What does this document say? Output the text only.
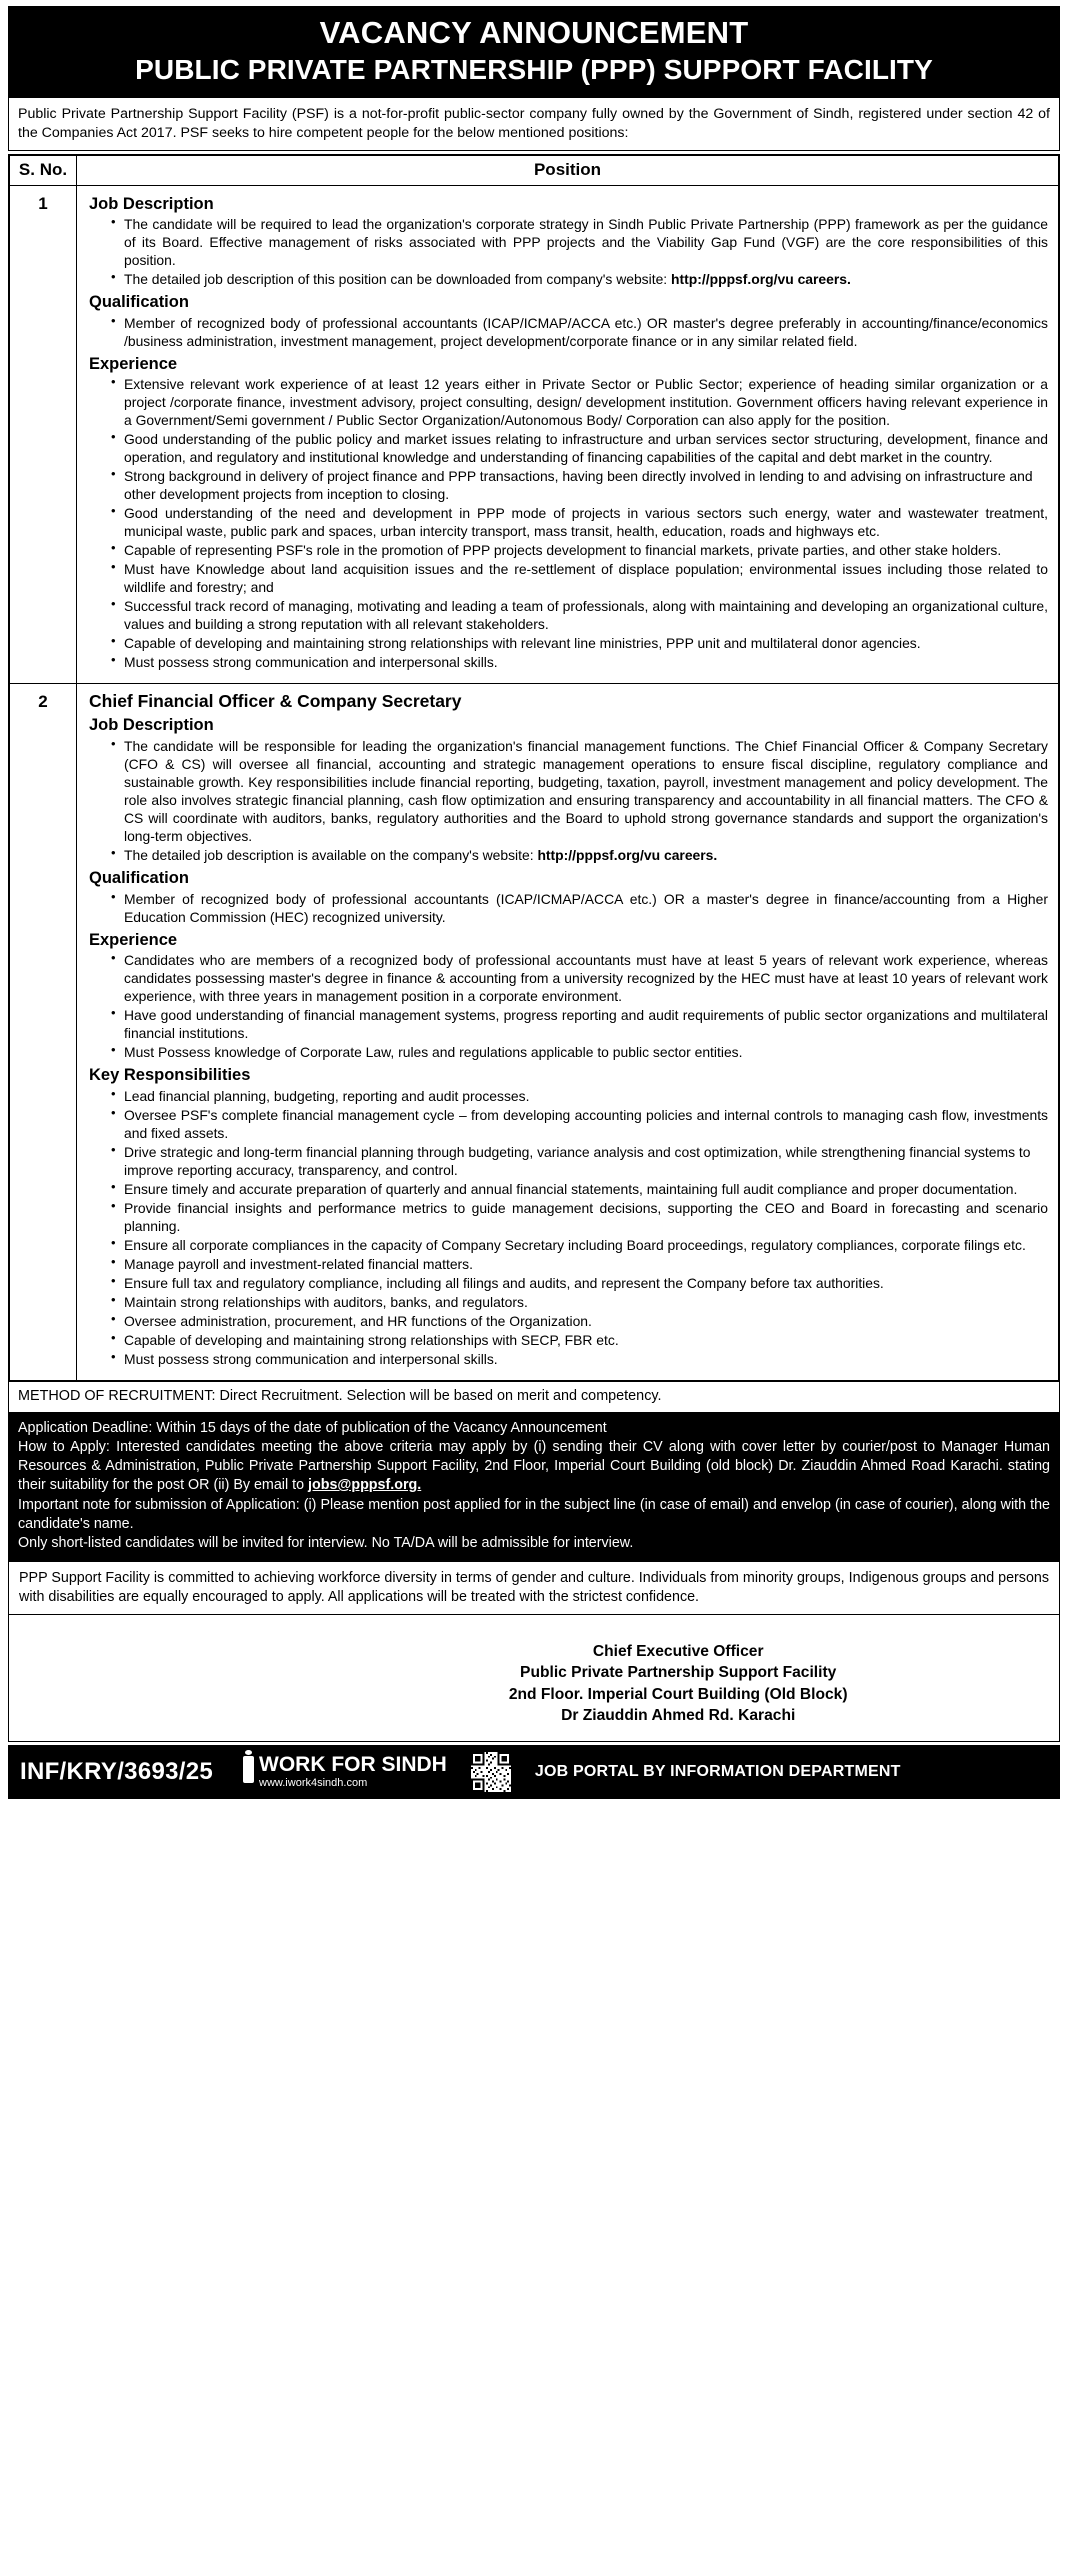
VACANCY ANNOUNCEMENT
PUBLIC PRIVATE PARTNERSHIP (PPP) SUPPORT FACILITY
Public Private Partnership Support Facility (PSF) is a not-for-profit public-sector company fully owned by the Government of Sindh, registered under section 42 of the Companies Act 2017. PSF seeks to hire competent people for the below mentioned positions:
S. No.	Position
1	Job Description
• The candidate will be required to lead the organization's corporate strategy in Sindh Public Private Partnership (PPP) framework as per the guidance of its Board. Effective management of risks associated with PPP projects and the Viability Gap Fund (VGF) are the core responsibilities of this position.
• The detailed job description of this position can be downloaded from company's website: http://pppsf.org/vu careers.
Qualification
• Member of recognized body of professional accountants (ICAP/ICMAP/ACCA etc.) OR master's degree preferably in accounting/finance/economics /business administration, investment management, project development/corporate finance or in any similar related field.
Experience
• Extensive relevant work experience of at least 12 years either in Private Sector or Public Sector; experience of heading similar organization or a project /corporate finance, investment advisory, project consulting, design/ development institution. Government officers having relevant experience in a Government/Semi government / Public Sector Organization/Autonomous Body/ Corporation can also apply for the position.
• Good understanding of the public policy and market issues relating to infrastructure and urban services sector structuring, development, finance and operation, and regulatory and institutional knowledge and understanding of financing capabilities of the capital and debt market in the country.
• Strong background in delivery of project finance and PPP transactions, having been directly involved in lending to and advising on infrastructure and
other development projects from inception to closing.
• Good understanding of the need and development in PPP mode of projects in various sectors such energy, water and wastewater treatment, municipal waste, public park and spaces, urban intercity transport, mass transit, health, education, roads and highways etc.
• Capable of representing PSF's role in the promotion of PPP projects development to financial markets, private parties, and other stake holders.
• Must have Knowledge about land acquisition issues and the re-settlement of displace population; environmental issues including those related to wildlife and forestry; and
• Successful track record of managing, motivating and leading a team of professionals, along with maintaining and developing an organizational culture, values and building a strong reputation with all relevant stakeholders.
• Capable of developing and maintaining strong relationships with relevant line ministries, PPP unit and multilateral donor agencies.
• Must possess strong communication and interpersonal skills.

2	Chief Financial Officer & Company Secretary
Job Description
• The candidate will be responsible for leading the organization's financial management functions. The Chief Financial Officer & Company Secretary (CFO & CS) will oversee all financial, accounting and strategic management operations to ensure fiscal discipline, regulatory compliance and sustainable growth. Key responsibilities include financial reporting, budgeting, taxation, payroll, investment management and policy development. The role also involves strategic financial planning, cash flow optimization and ensuring transparency and accountability in all financial matters. The CFO & CS will coordinate with auditors, banks, regulatory authorities and the Board to uphold strong governance standards and support the organization's long-term objectives.
• The detailed job description is available on the company's website: http://pppsf.org/vu careers.
Qualification
• Member of recognized body of professional accountants (ICAP/ICMAP/ACCA etc.) OR a master's degree in finance/accounting from a Higher Education Commission (HEC) recognized university.
Experience
• Candidates who are members of a recognized body of professional accountants must have at least 5 years of relevant work experience, whereas candidates possessing master's degree in finance & accounting from a university recognized by the HEC must have at least 10 years of relevant work experience, with three years in management position in a corporate environment.
• Have good understanding of financial management systems, progress reporting and audit requirements of public sector organizations and multilateral financial institutions.
• Must Possess knowledge of Corporate Law, rules and regulations applicable to public sector entities.
Key Responsibilities
• Lead financial planning, budgeting, reporting and audit processes.
• Oversee PSF's complete financial management cycle – from developing accounting policies and internal controls to managing cash flow, investments and fixed assets.
• Drive strategic and long-term financial planning through budgeting, variance analysis and cost optimization, while strengthening financial systems to
improve reporting accuracy, transparency, and control.
• Ensure timely and accurate preparation of quarterly and annual financial statements, maintaining full audit compliance and proper documentation.
• Provide financial insights and performance metrics to guide management decisions, supporting the CEO and Board in forecasting and scenario planning.
• Ensure all corporate compliances in the capacity of Company Secretary including Board proceedings, regulatory compliances, corporate filings etc.
• Manage payroll and investment-related financial matters.
• Ensure full tax and regulatory compliance, including all filings and audits, and represent the Company before tax authorities.
• Maintain strong relationships with auditors, banks, and regulators.
• Oversee administration, procurement, and HR functions of the Organization.
• Capable of developing and maintaining strong relationships with SECP, FBR etc.
• Must possess strong communication and interpersonal skills.
METHOD OF RECRUITMENT: Direct Recruitment. Selection will be based on merit and competency.

Application Deadline: Within 15 days of the date of publication of the Vacancy Announcement

How to Apply: Interested candidates meeting the above criteria may apply by (i) sending their CV along with cover letter by courier/post to Manager Human Resources & Administration, Public Private Partnership Support Facility, 2nd Floor, Imperial Court Building (old block) Dr. Ziauddin Ahmed Road Karachi. stating their suitability for the post OR (ii) By email to jobs@pppsf.org.

Important note for submission of Application: (i) Please mention post applied for in the subject line (in case of email) and envelop (in case of courier), along with the candidate's name.

Only short-listed candidates will be invited for interview. No TA/DA will be admissible for interview.

PPP Support Facility is committed to achieving workforce diversity in terms of gender and culture. Individuals from minority groups, Indigenous groups and persons with disabilities are equally encouraged to apply. All applications will be treated with the strictest confidence.
Chief Executive Officer
Public Private Partnership Support Facility
2nd Floor. Imperial Court Building (Old Block)
Dr Ziauddin Ahmed Rd. Karachi
INF/KRY/3693/25 WORK FOR SINDH
www.iwork4sindh.com
JOB PORTAL BY INFORMATION DEPARTMENT
